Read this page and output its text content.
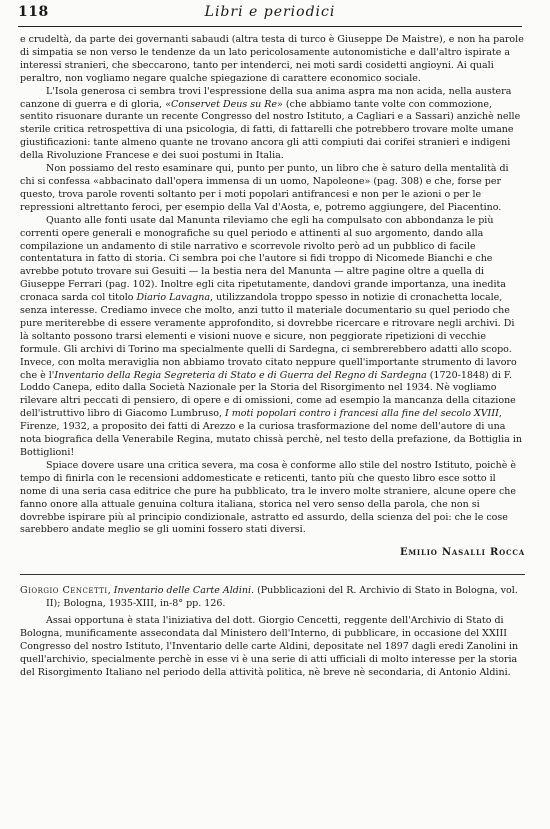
118	Libri e periodici

e crudeltà, da parte dei governanti sabaudi (altra testa di turco è Giuseppe De Maistre), e non ha parole di simpatia se non verso le tendenze da un lato pericolosamente autonomistiche e dall'altro ispirate a interessi stranieri, che sbeccarono, tanto per intenderci, nei moti sardi cosidetti angioyni. Ai quali peraltro, non vogliamo negare qualche spiegazione di carattere economico sociale.

L'Isola generosa ci sembra trovi l'espressione della sua anima aspra ma non acida, nella austera canzone di guerra e di gloria, «Conservet Deus su Re» (che abbiamo tante volte con commozione, sentito risuonare durante un recente Congresso del nostro Istituto, a Cagliari e a Sassari) anzichè nelle sterile critica retrospettiva di una psicologia, di fatti, di fattarelli che potrebbero trovare molte umane giustificazioni: tante almeno quante ne trovano ancora gli atti compiuti dai corifei stranieri e indigeni della Rivoluzione Francese e dei suoi postumi in Italia.

Non possiamo del resto esaminare qui, punto per punto, un libro che è saturo della mentalità di chi si confessa «abbacinato dall'opera immensa di un uomo, Napoleone» (pag. 308) e che, forse per questo, trova parole roventi soltanto per i moti popolari antifrancesi e non per le azioni o per le repressioni altrettanto feroci, per esempio della Val d'Aosta, e, potremo aggiungere, del Piacentino.

Quanto alle fonti usate dal Manunta rileviamo che egli ha compulsato con abbondanza le più correnti opere generali e monografiche su quel periodo e attinenti al suo argomento, dando alla compilazione un andamento di stile narrativo e scorrevole rivolto però ad un pubblico di facile contentatura in fatto di storia. Ci sembra poi che l'autore si fidi troppo di Nicomede Bianchi e che avrebbe potuto trovare sui Gesuiti — la bestia nera del Manunta — altre pagine oltre a quella di Giuseppe Ferrari (pag. 102). Inoltre egli cita ripetutamente, dandovi grande importanza, una inedita cronaca sarda col titolo Diario Lavagna, utilizzandola troppo spesso in notizie di cronachetta locale, senza interesse. Crediamo invece che molto, anzi tutto il materiale documentario su quel periodo che pure meriterebbe di essere veramente approfondito, si dovrebbe ricercare e ritrovare negli archivi. Di là soltanto possono trarsi elementi e visioni nuove e sicure, non peggiorate ripetizioni di vecchie formule. Gli archivi di Torino ma specialmente quelli di Sardegna, ci sembrerebbero adatti allo scopo. Invece, con molta meraviglia non abbiamo trovato citato neppure quell'importante strumento di lavoro che è l'Inventario della Regia Segreteria di Stato e di Guerra del Regno di Sardegna (1720-1848) di F. Loddo Canepa, edito dalla Società Nazionale per la Storia del Risorgimento nel 1934. Nè vogliamo rilevare altri peccati di pensiero, di opere e di omissioni, come ad esempio la mancanza della citazione dell'istruttivo libro di Giacomo Lumbruso, I moti popolari contro i francesi alla fine del secolo XVIII, Firenze, 1932, a proposito dei fatti di Arezzo e la curiosa trasformazione del nome dell'autore di una nota biografica della Venerabile Regina, mutato chissà perchè, nel testo della prefazione, da Bottiglia in Bottiglioni!

Spiace dovere usare una critica severa, ma cosa è conforme allo stile del nostro Istituto, poichè è tempo di finirla con le recensioni addomesticate e reticenti, tanto più che questo libro esce sotto il nome di una seria casa editrice che pure ha pubblicato, tra le invero molte straniere, alcune opere che fanno onore alla attuale genuina coltura italiana, storica nel vero senso della parola, che non si dovrebbe ispirare più al principio condizionale, astratto ed assurdo, della scienza del poi: che le cose sarebbero andate meglio se gli uomini fossero stati diversi.

Emilio Nasalli Rocca

Giorgio Cencetti, Inventario delle Carte Aldini. (Pubblicazioni del R. Archivio di Stato in Bologna, vol. II); Bologna, 1935-XIII, in-8° pp. 126.

Assai opportuna è stata l'iniziativa del dott. Giorgio Cencetti, reggente dell'Archivio di Stato di Bologna, munificamente assecondata dal Ministero dell'Interno, di pubblicare, in occasione del XXIII Congresso del nostro Istituto, l'Inventario delle carte Aldini, depositate nel 1897 dagli eredi Zanolini in quell'archivio, specialmente perchè in esse vi è una serie di atti ufficiali di molto interesse per la storia del Risorgimento Italiano nel periodo della attività politica, nè breve nè secondaria, di Antonio Aldini.
